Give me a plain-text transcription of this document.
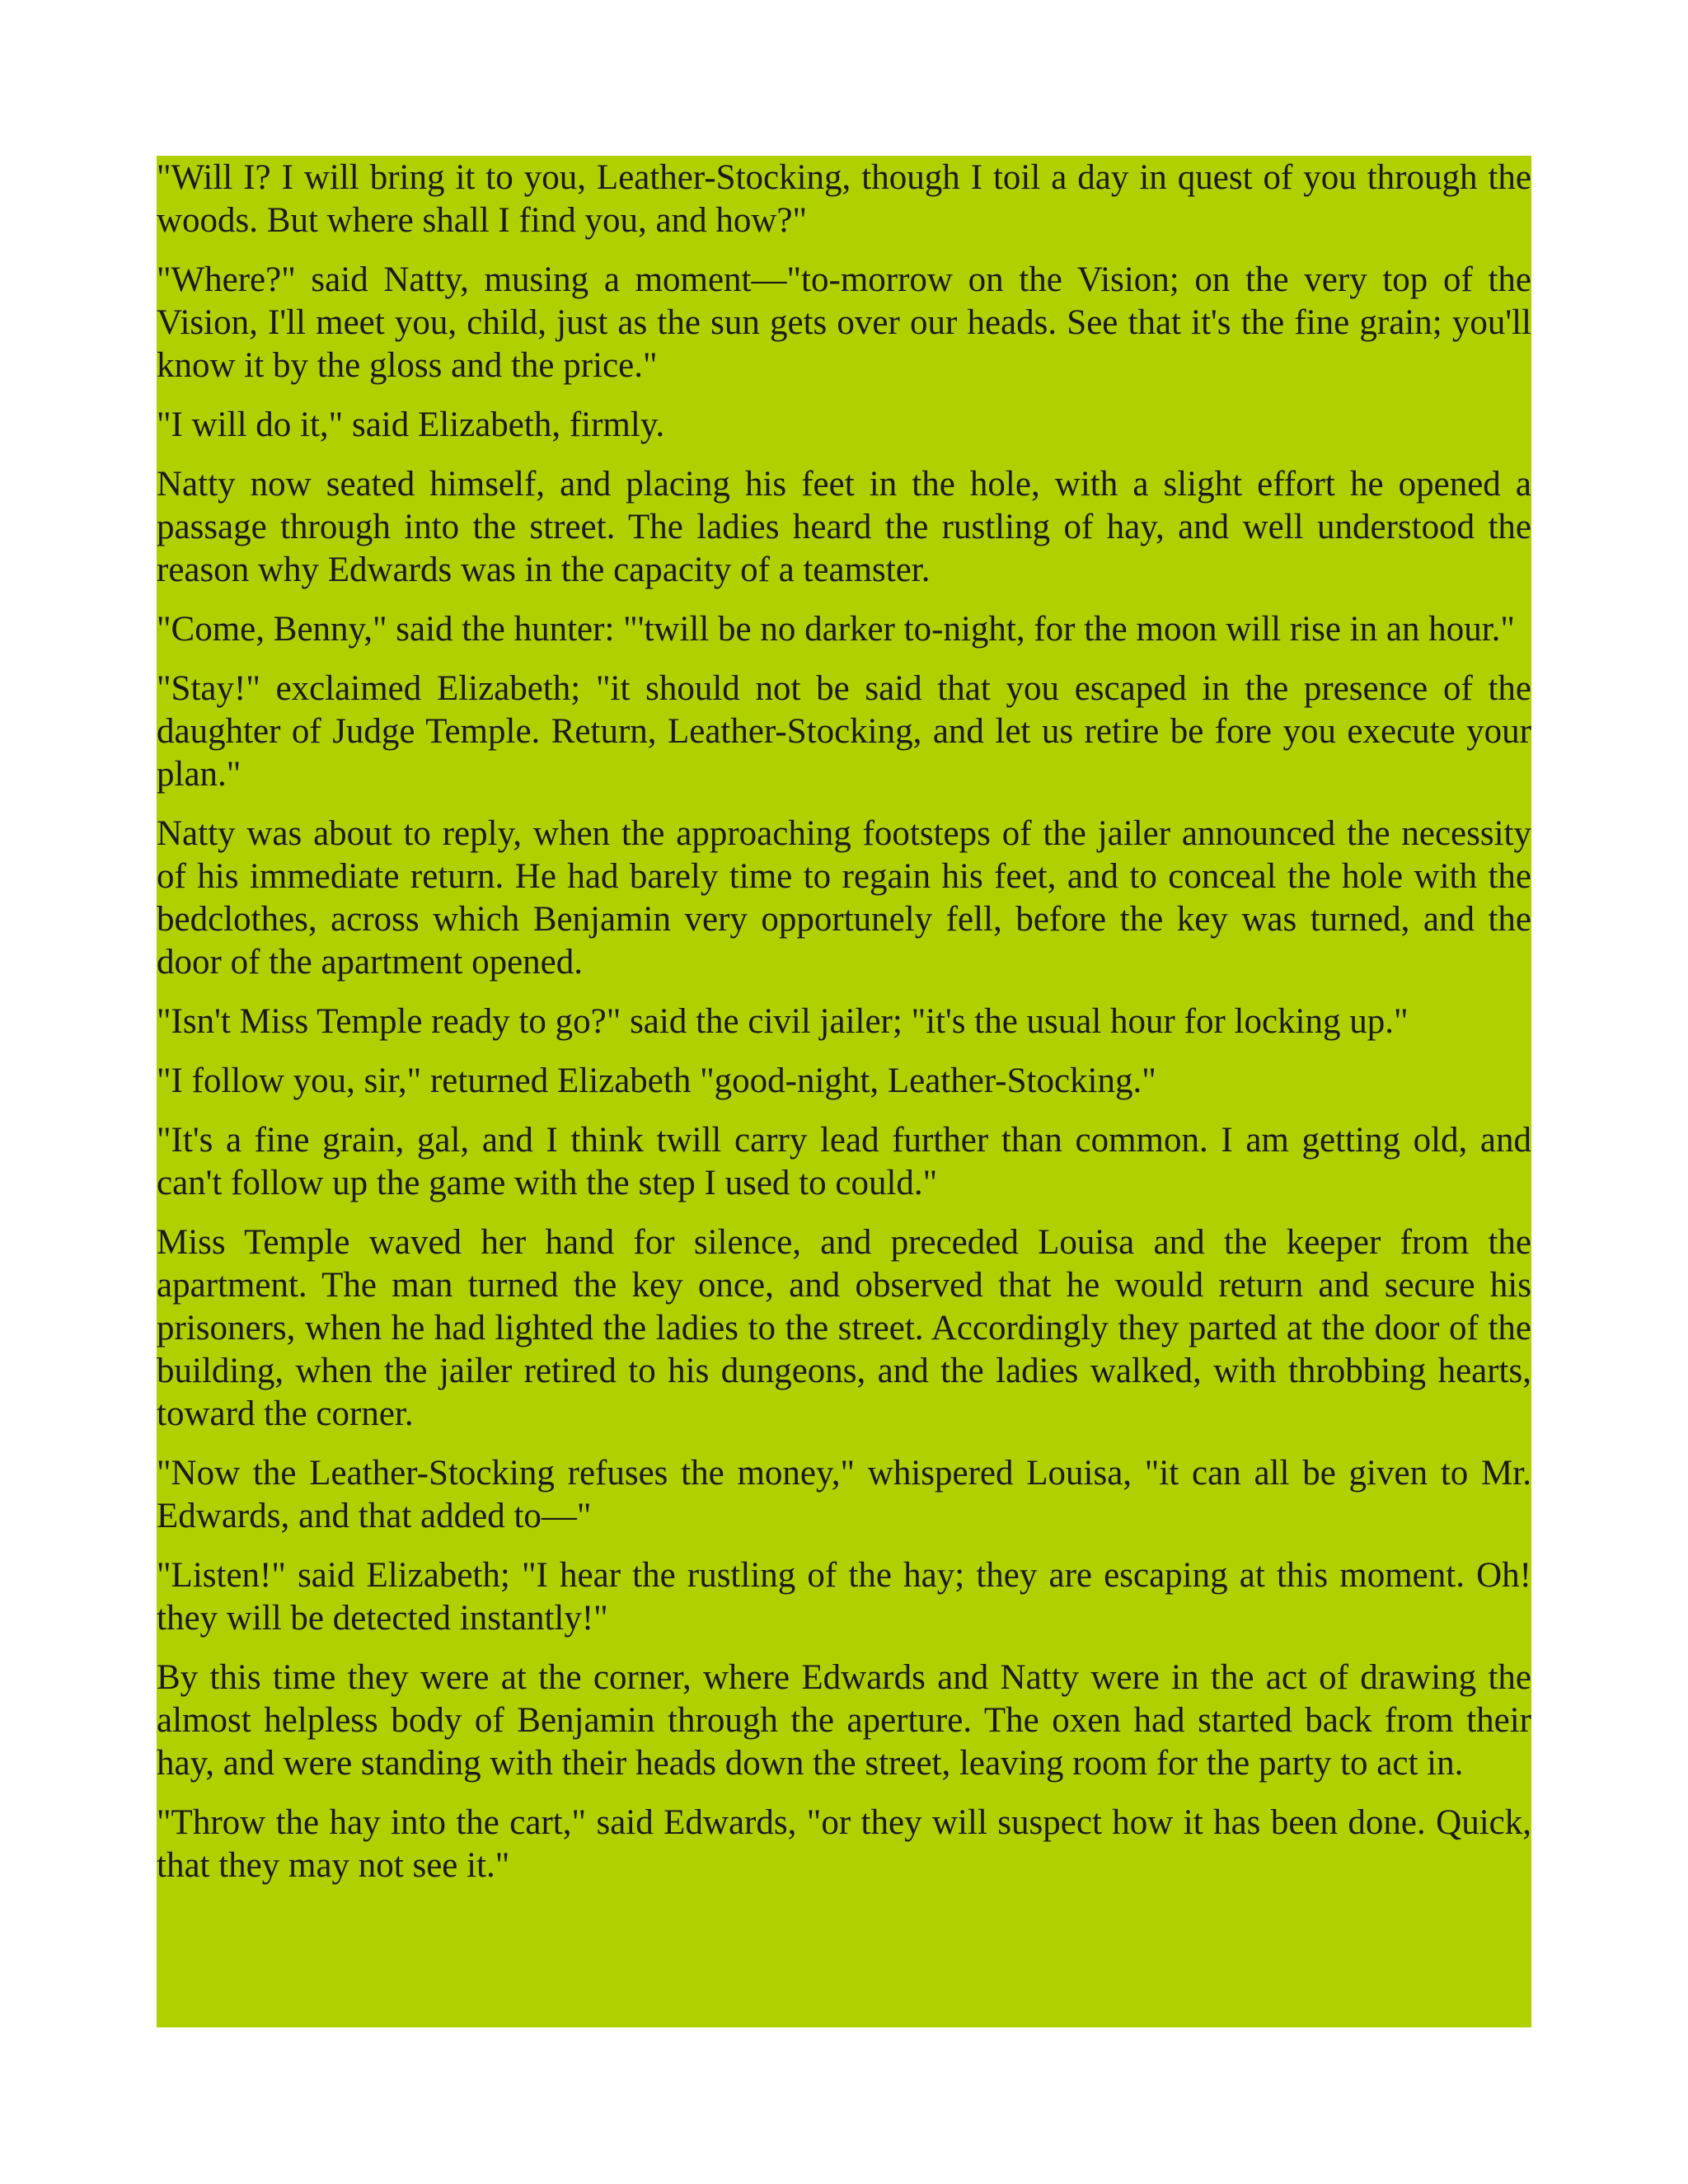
"Will I? I will bring it to you, Leather-Stocking, though I toil a day in quest of you through the woods. But where shall I find you, and how?"

"Where?" said Natty, musing a moment—"to-morrow on the Vision; on the very top of the Vision, I'll meet you, child, just as the sun gets over our heads. See that it's the fine grain; you'll know it by the gloss and the price."

"I will do it," said Elizabeth, firmly.

Natty now seated himself, and placing his feet in the hole, with a slight effort he opened a passage through into the street. The ladies heard the rustling of hay, and well understood the reason why Edwards was in the capacity of a teamster.

"Come, Benny," said the hunter: "'twill be no darker to-night, for the moon will rise in an hour."

"Stay!" exclaimed Elizabeth; "it should not be said that you escaped in the presence of the daughter of Judge Temple. Return, Leather-Stocking, and let us retire be fore you execute your plan."

Natty was about to reply, when the approaching footsteps of the jailer announced the necessity of his immediate return. He had barely time to regain his feet, and to conceal the hole with the bedclothes, across which Benjamin very opportunely fell, before the key was turned, and the door of the apartment opened.

"Isn't Miss Temple ready to go?" said the civil jailer; "it's the usual hour for locking up."

"I follow you, sir," returned Elizabeth "good-night, Leather-Stocking."

"It's a fine grain, gal, and I think twill carry lead further than common. I am getting old, and can't follow up the game with the step I used to could."

Miss Temple waved her hand for silence, and preceded Louisa and the keeper from the apartment. The man turned the key once, and observed that he would return and secure his prisoners, when he had lighted the ladies to the street. Accordingly they parted at the door of the building, when the jailer retired to his dungeons, and the ladies walked, with throbbing hearts, toward the corner.

"Now the Leather-Stocking refuses the money," whispered Louisa, "it can all be given to Mr. Edwards, and that added to—"

"Listen!" said Elizabeth; "I hear the rustling of the hay; they are escaping at this moment. Oh! they will be detected instantly!"

By this time they were at the corner, where Edwards and Natty were in the act of drawing the almost helpless body of Benjamin through the aperture. The oxen had started back from their hay, and were standing with their heads down the street, leaving room for the party to act in.

"Throw the hay into the cart," said Edwards, "or they will suspect how it has been done. Quick, that they may not see it."
